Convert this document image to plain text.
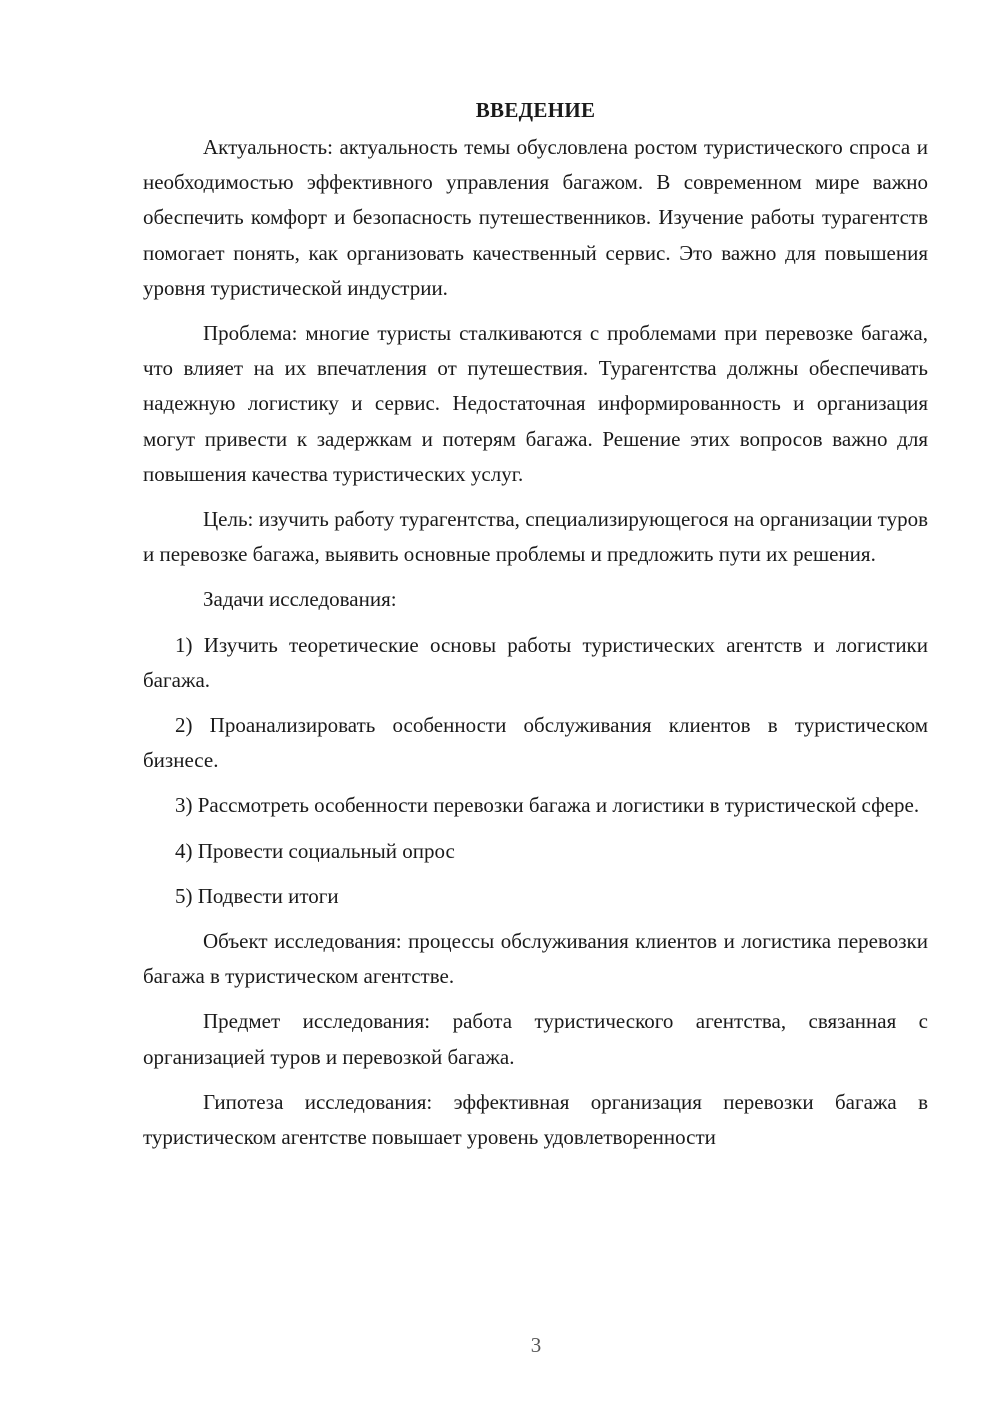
ВВЕДЕНИЕ

Актуальность: актуальность темы обусловлена ростом туристического спроса и необходимостью эффективного управления багажом. В современном мире важно обеспечить комфорт и безопасность путешественников. Изучение работы турагентств помогает понять, как организовать качественный сервис. Это важно для повышения уровня туристической индустрии.

Проблема: многие туристы сталкиваются с проблемами при перевозке багажа, что влияет на их впечатления от путешествия. Турагентства должны обеспечивать надежную логистику и сервис. Недостаточная информированность и организация могут привести к задержкам и потерям багажа. Решение этих вопросов важно для повышения качества туристических услуг.

Цель: изучить работу турагентства, специализирующегося на организации туров и перевозке багажа, выявить основные проблемы и предложить пути их решения.

Задачи исследования:

1) Изучить теоретические основы работы туристических агентств и логистики багажа.

2) Проанализировать особенности обслуживания клиентов в туристическом бизнесе.

3) Рассмотреть особенности перевозки багажа и логистики в туристической сфере.

4) Провести социальный опрос

5) Подвести итоги

Объект исследования: процессы обслуживания клиентов и логистика перевозки багажа в туристическом агентстве.

Предмет исследования: работа туристического агентства, связанная с организацией туров и перевозкой багажа.

Гипотеза исследования: эффективная организация перевозки багажа в туристическом агентстве повышает уровень удовлетворенности

3
